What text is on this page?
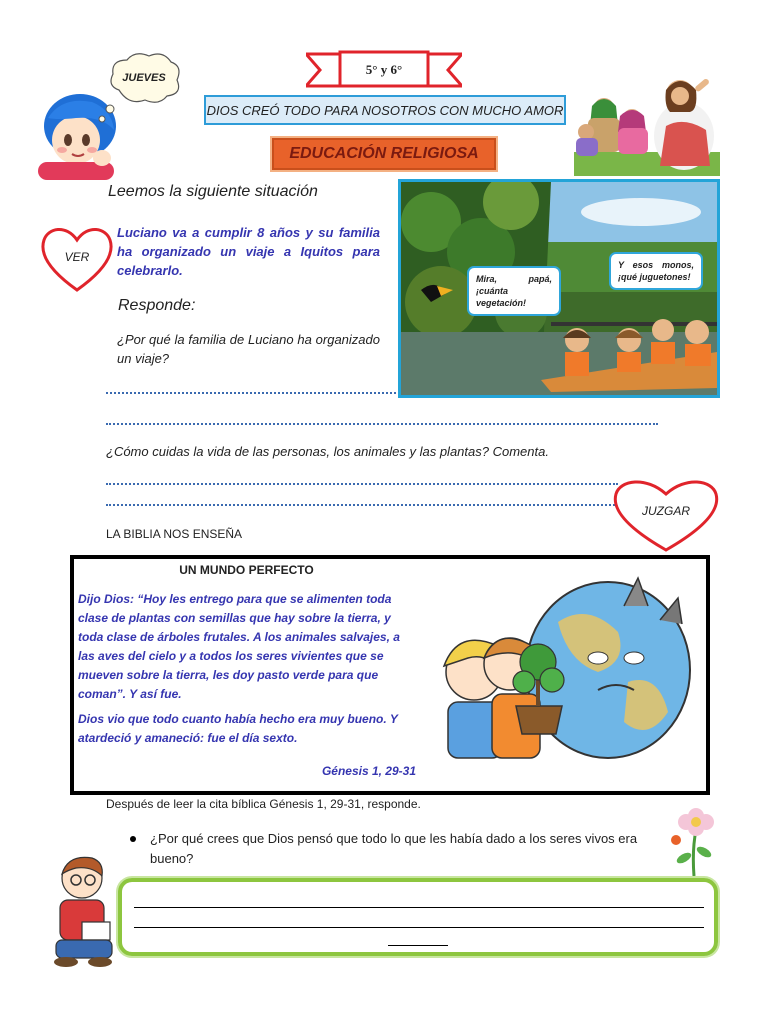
JUEVES
5° y 6°
DIOS CREÓ TODO PARA NOSOTROS CON MUCHO AMOR
EDUCACIÓN RELIGIOSA
Leemos la siguiente situación
VER
Luciano va a cumplir 8 años y su familia ha organizado un viaje a Iquitos para celebrarlo.
Responde:
¿Por qué la familia de Luciano ha organizado un viaje?
Mira, papá, ¡cuánta vegetación!
Y esos monos, ¡qué juguetones!
¿Cómo cuidas la vida de las personas, los animales y las plantas? Comenta.
JUZGAR
LA BIBLIA NOS ENSEÑA
UN MUNDO PERFECTO

Dijo Dios: “Hoy les entrego para que se alimenten toda clase de plantas con semillas que hay sobre la tierra, y toda clase de árboles frutales. A los animales salvajes, a las aves del cielo y a todos los seres vivientes que se mueven sobre la tierra, les doy pasto verde para que coman”. Y así fue.

Dios vio que todo cuanto había hecho era muy bueno. Y atardeció y amaneció: fue el día sexto.

Génesis 1, 29-31
Después de leer la cita bíblica Génesis 1, 29-31, responde.
¿Por qué crees que Dios pensó que todo lo que les había dado a los seres vivos era bueno?
